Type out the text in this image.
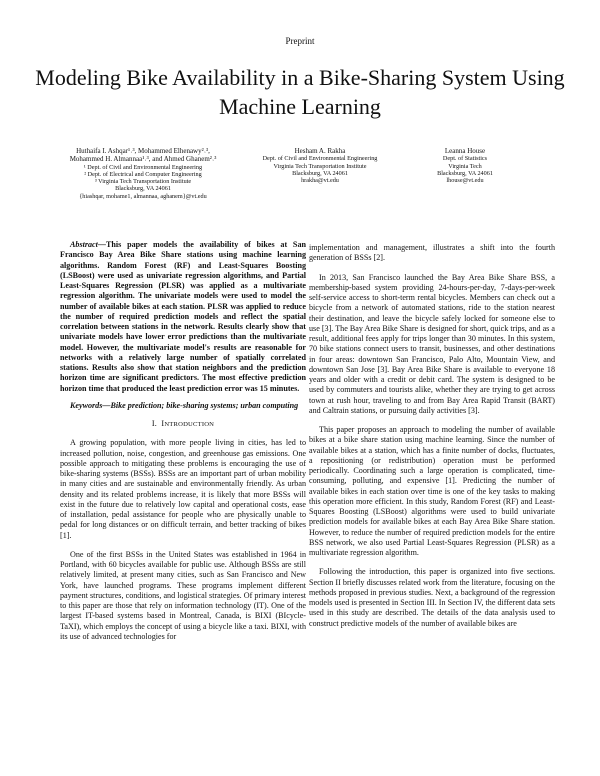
Preprint
Modeling Bike Availability in a Bike-Sharing System Using Machine Learning
Huthaifa I. Ashqar¹˒³, Mohammed Elhenawy²˒³,
Mohammed H. Almannaa¹˒³, and Ahmed Ghanem²˒³
¹ Dept. of Civil and Environmental Engineering
² Dept. of Electrical and Computer Engineering
³ Virginia Tech Transportation Institute
Blacksburg, VA 24061
{hiashqar, mohame1, almannaa, aghanem}@vt.edu
Hesham A. Rakha
Dept. of Civil and Environmental Engineering
Virginia Tech Transportation Institute
Blacksburg, VA 24061
hrakha@vt.edu
Leanna House
Dept. of Statistics
Virginia Tech
Blacksburg, VA 24061
lhouse@vt.edu

Abstract—This paper models the availability of bikes at San Francisco Bay Area Bike Share stations using machine learning algorithms. Random Forest (RF) and Least-Squares Boosting (LSBoost) were used as univariate regression algorithms, and Partial Least-Squares Regression (PLSR) was applied as a multivariate regression algorithm. The univariate models were used to model the number of available bikes at each station. PLSR was applied to reduce the number of required prediction models and reflect the spatial correlation between stations in the network. Results clearly show that univariate models have lower error predictions than the multivariate model. However, the multivariate model's results are reasonable for networks with a relatively large number of spatially correlated stations. Results also show that station neighbors and the prediction horizon time are significant predictors. The most effective prediction horizon time that produced the least prediction error was 15 minutes.

Keywords—Bike prediction; bike-sharing systems; urban computing

I. INTRODUCTION

A growing population, with more people living in cities, has led to increased pollution, noise, congestion, and greenhouse gas emissions. One possible approach to mitigating these problems is encouraging the use of bike-sharing systems (BSSs). BSSs are an important part of urban mobility in many cities and are sustainable and environmentally friendly. As urban density and its related problems increase, it is likely that more BSSs will exist in the future due to relatively low capital and operational costs, ease of installation, pedal assistance for people who are physically unable to pedal for long distances or on difficult terrain, and better tracking of bikes [1].

One of the first BSSs in the United States was established in 1964 in Portland, with 60 bicycles available for public use. Although BSSs are still relatively limited, at present many cities, such as San Francisco and New York, have launched programs. These programs implement different payment structures, conditions, and logistical strategies. Of primary interest to this paper are those that rely on information technology (IT). One of the largest IT-based systems based in Montreal, Canada, is BIXI (BIcycle-TaXI), which employs the concept of using a bicycle like a taxi. BIXI, with its use of advanced technologies for

implementation and management, illustrates a shift into the fourth generation of BSSs [2].

In 2013, San Francisco launched the Bay Area Bike Share BSS, a membership-based system providing 24-hours-per-day, 7-days-per-week self-service access to short-term rental bicycles. Members can check out a bicycle from a network of automated stations, ride to the station nearest their destination, and leave the bicycle safely locked for someone else to use [3]. The Bay Area Bike Share is designed for short, quick trips, and as a result, additional fees apply for trips longer than 30 minutes. In this system, 70 bike stations connect users to transit, businesses, and other destinations in four areas: downtown San Francisco, Palo Alto, Mountain View, and downtown San Jose [3]. Bay Area Bike Share is available to everyone 18 years and older with a credit or debit card. The system is designed to be used by commuters and tourists alike, whether they are trying to get across town at rush hour, traveling to and from Bay Area Rapid Transit (BART) and Caltrain stations, or pursuing daily activities [3].

This paper proposes an approach to modeling the number of available bikes at a bike share station using machine learning. Since the number of available bikes at a station, which has a finite number of docks, fluctuates, a repositioning (or redistribution) operation must be performed periodically. Coordinating such a large operation is complicated, time-consuming, polluting, and expensive [1]. Predicting the number of available bikes in each station over time is one of the key tasks to making this operation more efficient. In this study, Random Forest (RF) and Least-Squares Boosting (LSBoost) algorithms were used to build univariate prediction models for available bikes at each Bay Area Bike Share station. However, to reduce the number of required prediction models for the entire BSS network, we also used Partial Least-Squares Regression (PLSR) as a multivariate regression algorithm.

Following the introduction, this paper is organized into five sections. Section II briefly discusses related work from the literature, focusing on the methods proposed in previous studies. Next, a background of the regression models used is presented in Section III. In Section IV, the different data sets used in this study are described. The details of the data analysis used to construct predictive models of the number of available bikes are
